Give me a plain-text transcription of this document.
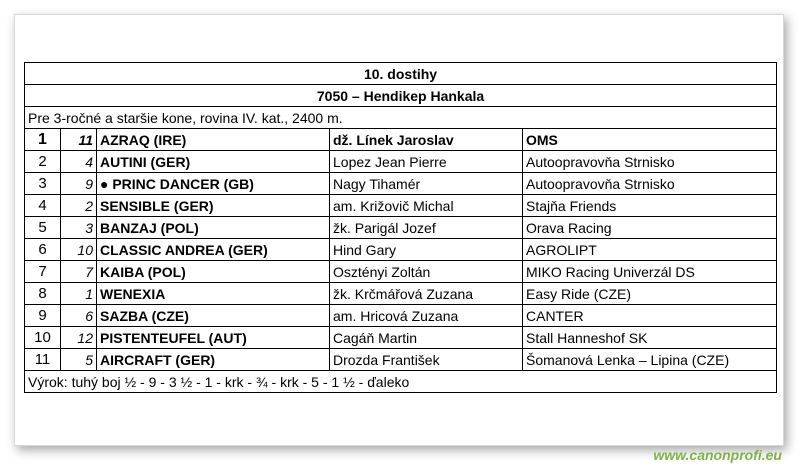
10. dostihy				
7050 – Hendikep Hankala				
Pre 3-ročné a staršie kone, rovina IV. kat., 2400 m.				
1	11	AZRAQ (IRE)	dž. Línek Jaroslav	OMS
2	4	AUTINI (GER)	Lopez Jean Pierre	Autoopravovňa Strnisko
3	9	● PRINC DANCER (GB)	Nagy Tihamér	Autoopravovňa Strnisko
4	2	SENSIBLE (GER)	am. Križovič Michal	Stajňa Friends
5	3	BANZAJ (POL)	žk. Parigál Jozef	Orava Racing
6	10	CLASSIC ANDREA (GER)	Hind Gary	AGROLIPT
7	7	KAIBA (POL)	Osztényi Zoltán	MIKO Racing Univerzál DS
8	1	WENEXIA	žk. Krčmářová Zuzana	Easy Ride (CZE)
9	6	SAZBA (CZE)	am. Hricová Zuzana	CANTER
10	12	PISTENTEUFEL (AUT)	Cagáň Martin	Stall Hanneshof SK
11	5	AIRCRAFT (GER)	Drozda František	Šomanová Lenka – Lipina (CZE)
Výrok: tuhý boj ½ - 9 - 3 ½ - 1 - krk - ¾ - krk - 5 - 1 ½ - ďaleko				
www.canonprofi.eu
